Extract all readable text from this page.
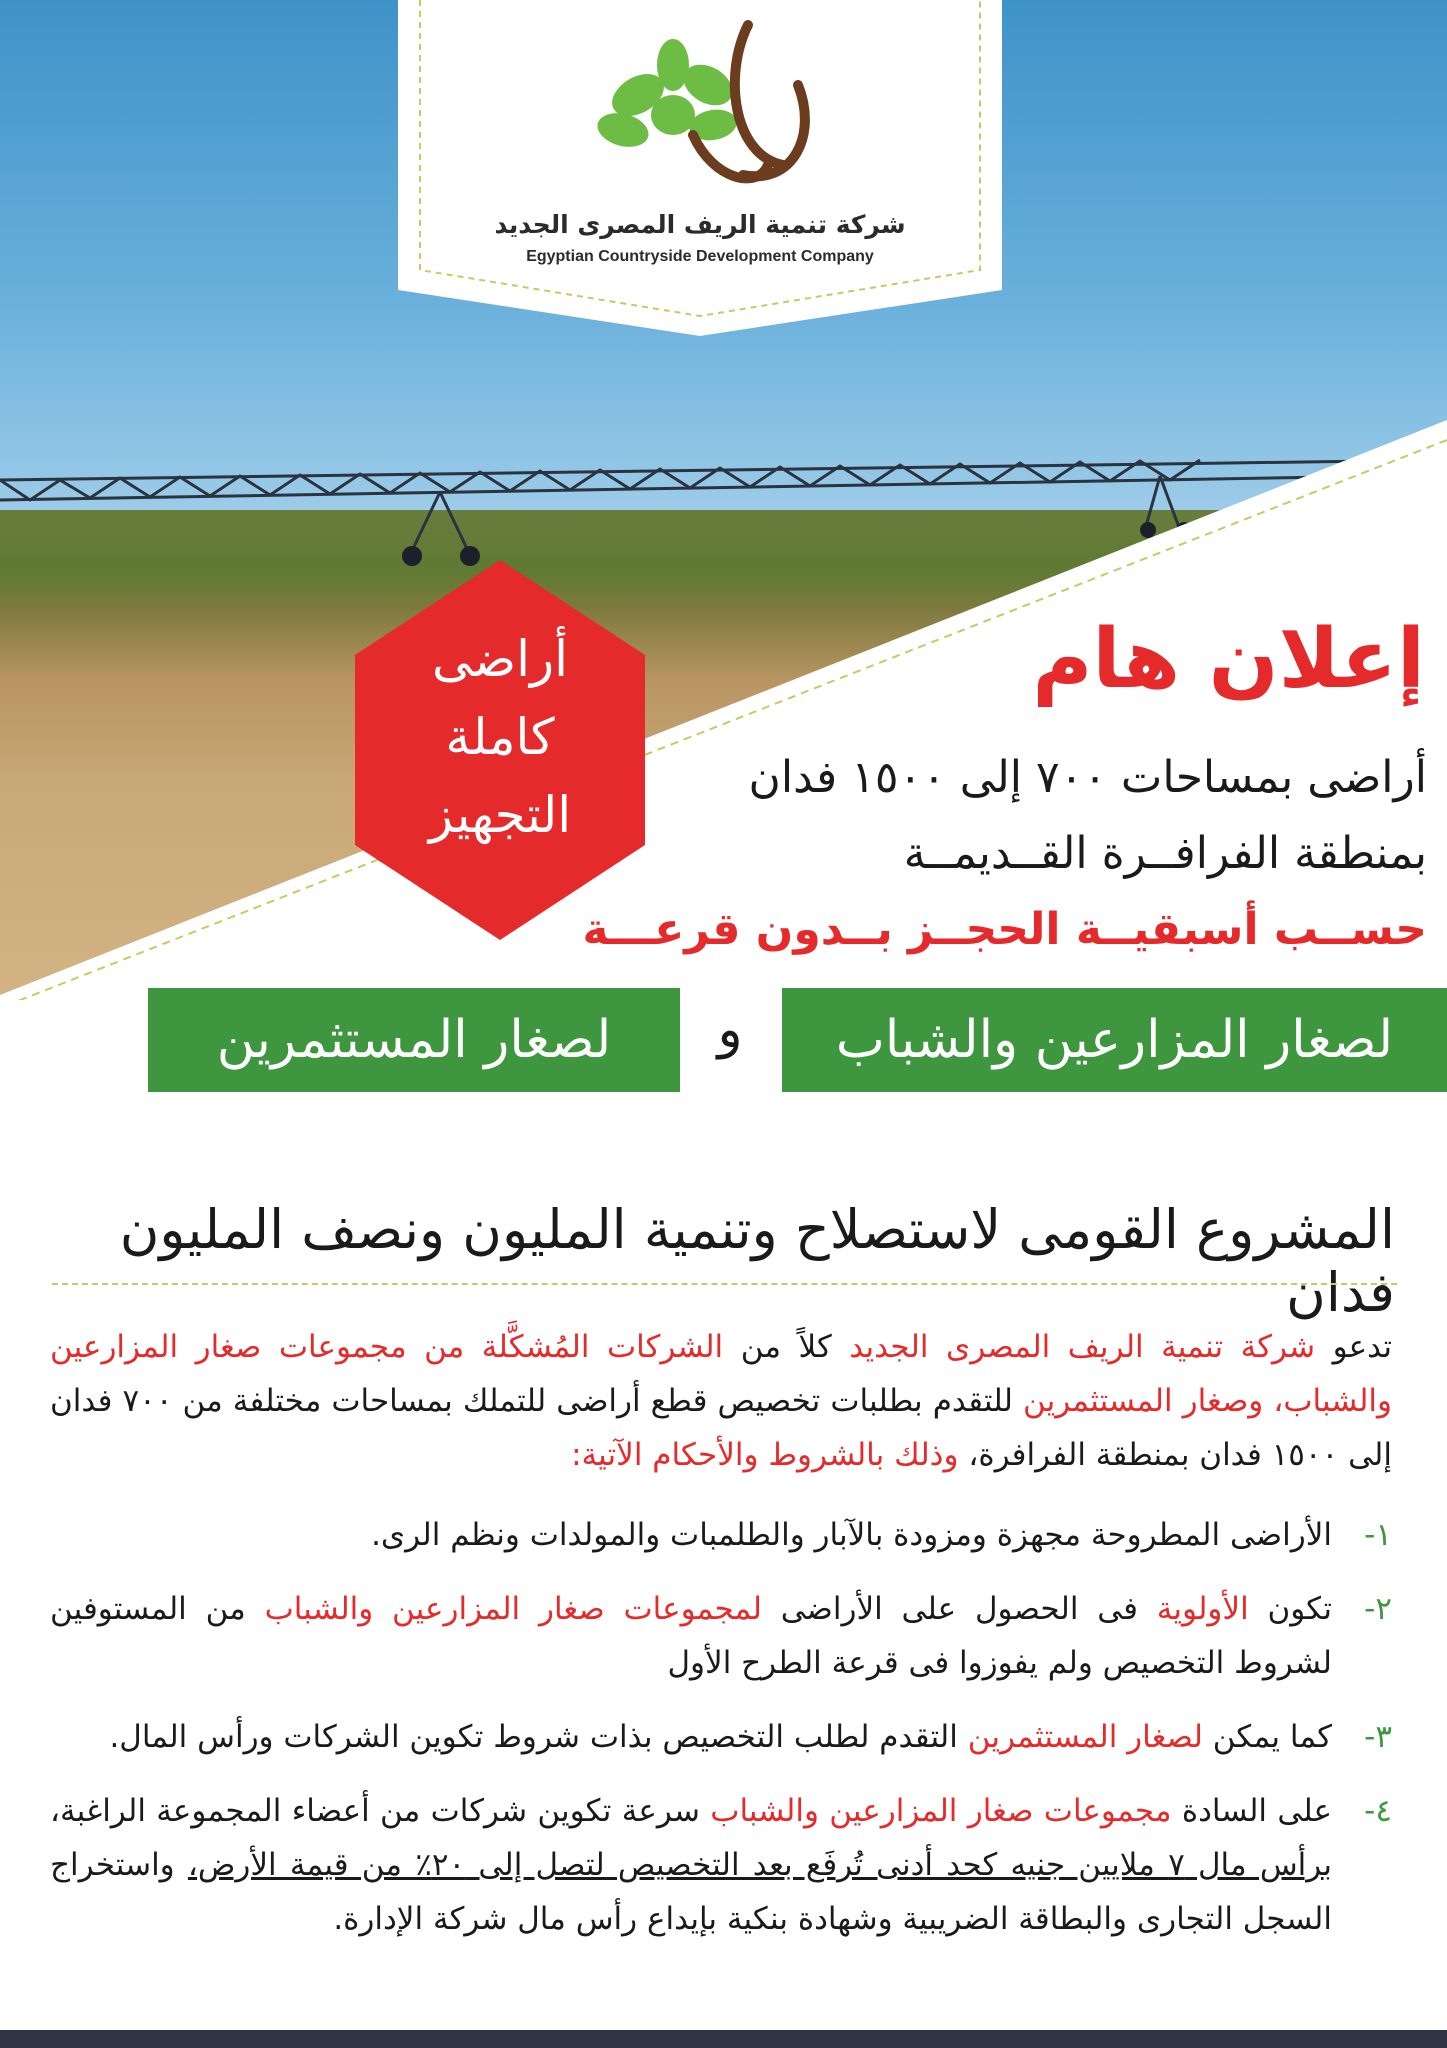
شركة تنمية الريف المصرى الجديد
Egyptian Countryside Development Company
أراضى
كاملة
التجهيز
إعلان هام
أراضى بمساحات ٧٠٠ إلى ١٥٠٠ فدان
بمنطقة الفرافــرة القــديمــة
حســب أسبقيــة الحجــز بــدون قرعـــة
لصغار المزارعين والشباب
و
لصغار المستثمرين
المشروع القومى لاستصلاح وتنمية المليون ونصف المليون فدان
تدعو شركة تنمية الريف المصرى الجديد كلاً من الشركات المُشكَّلة من مجموعات صغار المزارعين والشباب، وصغار المستثمرين للتقدم بطلبات تخصيص قطع أراضى للتملك بمساحات مختلفة من ٧٠٠ فدان إلى ١٥٠٠ فدان بمنطقة الفرافرة، وذلك بالشروط والأحكام الآتية:
١-
الأراضى المطروحة مجهزة ومزودة بالآبار والطلمبات والمولدات ونظم الرى.
٢-
تكون الأولوية فى الحصول على الأراضى لمجموعات صغار المزارعين والشباب من المستوفين لشروط التخصيص ولم يفوزوا فى قرعة الطرح الأول
٣-
كما يمكن لصغار المستثمرين التقدم لطلب التخصيص بذات شروط تكوين الشركات ورأس المال.
٤-
على السادة مجموعات صغار المزارعين والشباب سرعة تكوين شركات من أعضاء المجموعة الراغبة، برأس مال ٧ ملايين جنيه كحد أدنى تُرفَع بعد التخصيص لتصل إلى ٢٠٪ من قيمة الأرض، واستخراج السجل التجارى والبطاقة الضريبية وشهادة بنكية بإيداع رأس مال شركة الإدارة.
